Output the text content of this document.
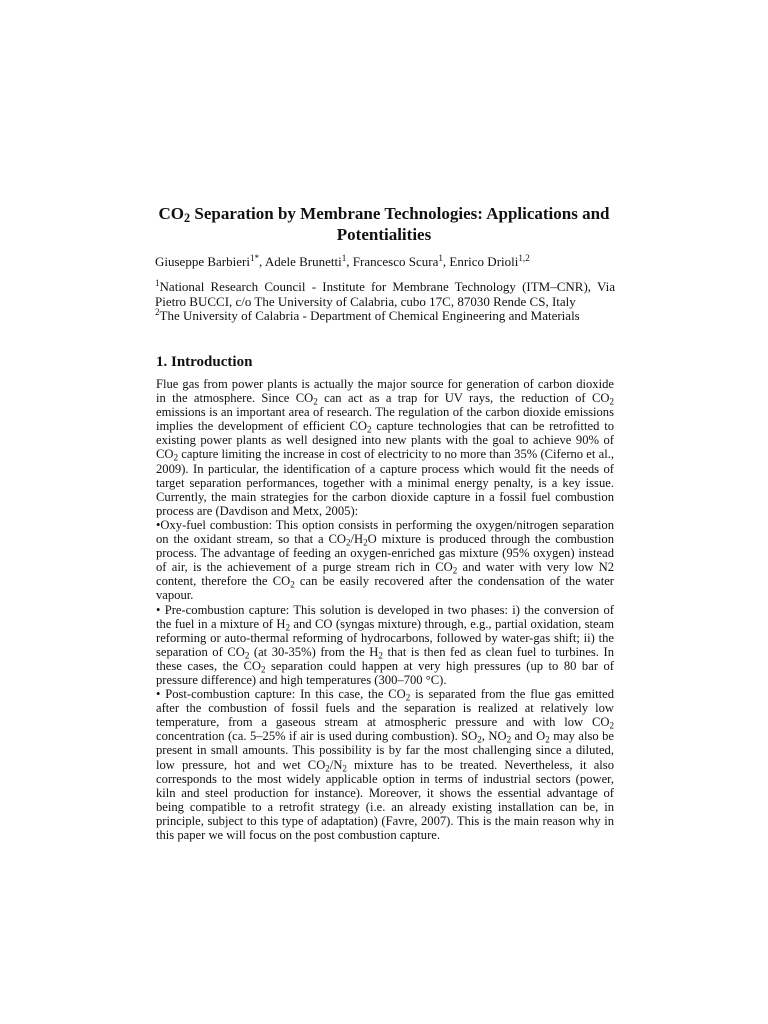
$CO_2$ Separation by Membrane Technologies: Applications and Potentialities
Giuseppe Barbieri$^{1*}$, Adele Brunetti$^1$, Francesco Scura$^1$, Enrico Drioli$^{1,2}$

$^1$National Research Council - Institute for Membrane Technology (ITM–CNR), Via Pietro BUCCI, c/o The University of Calabria, cubo 17C, 87030 Rende CS, Italy

$^2$The University of Calabria - Department of Chemical Engineering and Materials

1. Introduction

Flue gas from power plants is actually the major source for generation of carbon dioxide in the atmosphere. Since $CO_2$ can act as a trap for UV rays, the reduction of $CO_2$ emissions is an important area of research. The regulation of the carbon dioxide emissions implies the development of efficient $CO_2$ capture technologies that can be retrofitted to existing power plants as well designed into new plants with the goal to achieve 90% of $CO_2$ capture limiting the increase in cost of electricity to no more than 35% (Ciferno et al., 2009). In particular, the identification of a capture process which would fit the needs of target separation performances, together with a minimal energy penalty, is a key issue. Currently, the main strategies for the carbon dioxide capture in a fossil fuel combustion process are (Davdison and Metx, 2005):

•Oxy-fuel combustion: This option consists in performing the oxygen/nitrogen separation on the oxidant stream, so that a $CO_2/H_2O$ mixture is produced through the combustion process. The advantage of feeding an oxygen-enriched gas mixture (95% oxygen) instead of air, is the achievement of a purge stream rich in $CO_2$ and water with very low N2 content, therefore the $CO_2$ can be easily recovered after the condensation of the water vapour.

• Pre-combustion capture: This solution is developed in two phases: i) the conversion of the fuel in a mixture of $H_2$ and CO (syngas mixture) through, e.g., partial oxidation, steam reforming or auto-thermal reforming of hydrocarbons, followed by water-gas shift; ii) the separation of $CO_2$ (at 30-35%) from the $H_2$ that is then fed as clean fuel to turbines. In these cases, the $CO_2$ separation could happen at very high pressures (up to 80 bar of pressure difference) and high temperatures (300–700 °C).

• Post-combustion capture: In this case, the $CO_2$ is separated from the flue gas emitted after the combustion of fossil fuels and the separation is realized at relatively low temperature, from a gaseous stream at atmospheric pressure and with low $CO_2$ concentration (ca. 5–25% if air is used during combustion). $SO_2$, $NO_2$ and $O_2$ may also be present in small amounts. This possibility is by far the most challenging since a diluted, low pressure, hot and wet $CO_2/N_2$ mixture has to be treated. Nevertheless, it also corresponds to the most widely applicable option in terms of industrial sectors (power, kiln and steel production for instance). Moreover, it shows the essential advantage of being compatible to a retrofit strategy (i.e. an already existing installation can be, in principle, subject to this type of adaptation) (Favre, 2007). This is the main reason why in this paper we will focus on the post combustion capture.
